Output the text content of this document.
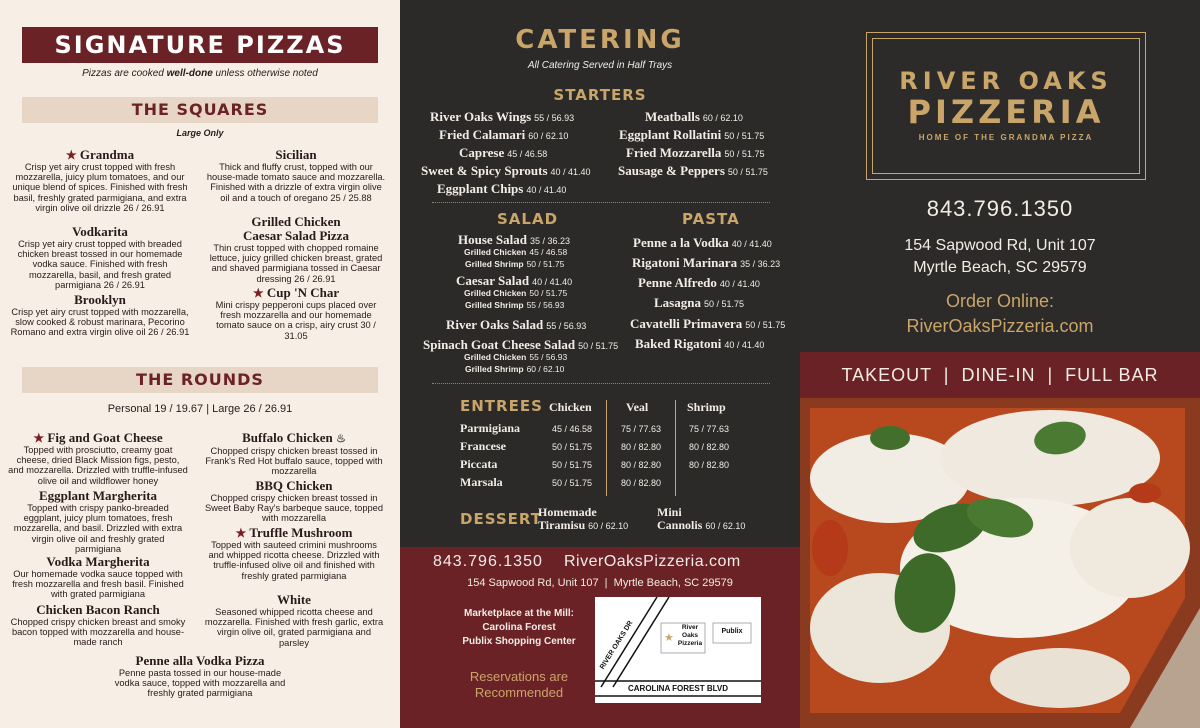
SIGNATURE PIZZAS
Pizzas are cooked well-done unless otherwise noted
THE SQUARES
Large Only
★ Grandma
Crisp yet airy crust topped with fresh mozzarella, juicy plum tomatoes, and our unique blend of spices. Finished with fresh basil, freshly grated parmigiana, and extra virgin olive oil drizzle 26 / 26.91
Sicilian
Thick and fluffy crust, topped with our house-made tomato sauce and mozzarella. Finished with a drizzle of extra virgin olive oil and a touch of oregano 25 / 25.88
Vodkarita
Crisp yet airy crust topped with breaded chicken breast tossed in our homemade vodka sauce. Finished with fresh mozzarella, basil, and fresh grated parmigiana 26 / 26.91
Grilled Chicken
Caesar Salad Pizza
Thin crust topped with chopped romaine lettuce, juicy grilled chicken breast, grated and shaved parmigiana tossed in Caesar dressing 26 / 26.91
Brooklyn
Crisp yet airy crust topped with mozzarella, slow cooked & robust marinara, Pecorino Romano and extra virgin olive oil 26 / 26.91
★ Cup 'N Char
Mini crispy pepperoni cups placed over fresh mozzarella and our homemade tomato sauce on a crisp, airy crust 30 / 31.05
THE ROUNDS
Personal 19 / 19.67 | Large 26 / 26.91
★ Fig and Goat Cheese
Topped with prosciutto, creamy goat cheese, dried Black Mission figs, pesto, and mozzarella. Drizzled with truffle-infused olive oil and wildflower honey
Buffalo Chicken ♨
Chopped crispy chicken breast tossed in Frank's Red Hot buffalo sauce, topped with mozzarella
Eggplant Margherita
Topped with crispy panko-breaded eggplant, juicy plum tomatoes, fresh mozzarella, and basil. Drizzled with extra virgin olive oil and freshly grated parmigiana
BBQ Chicken
Chopped crispy chicken breast tossed in Sweet Baby Ray's barbeque sauce, topped with mozzarella
★ Truffle Mushroom
Topped with sauteed crimini mushrooms and whipped ricotta cheese. Drizzled with truffle-infused olive oil and finished with freshly grated parmigiana
Vodka Margherita
Our homemade vodka sauce topped with fresh mozzarella and fresh basil. Finished with grated parmigiana	White
Seasoned whipped ricotta cheese and mozzarella. Finished with fresh garlic, extra virgin olive oil, grated parmigiana and parsley
Chicken Bacon Ranch
Chopped crispy chicken breast and smoky bacon topped with mozzarella and house-made ranch
Penne alla Vodka Pizza
Penne pasta tossed in our house-made vodka sauce, topped with mozzarella and freshly grated parmigiana
CATERING
All Catering Served in Half Trays
STARTERS
River Oaks Wings 55 / 56.93
Fried Calamari 60 / 62.10
Caprese 45 / 46.58
Sweet & Spicy Sprouts 40 / 41.40
Eggplant Chips 40 / 41.40
Meatballs 60 / 62.10
Eggplant Rollatini 50 / 51.75
Fried Mozzarella 50 / 51.75
Sausage & Peppers 50 / 51.75
SALAD	PASTA
House Salad 35 / 36.23
Grilled Chicken 45 / 46.58
Grilled Shrimp 50 / 51.75
Caesar Salad 40 / 41.40
Grilled Chicken 50 / 51.75
Grilled Shrimp 55 / 56.93
River Oaks Salad 55 / 56.93
Spinach Goat Cheese Salad 50 / 51.75
Grilled Chicken 55 / 56.93
Grilled Shrimp 60 / 62.10
Penne a la Vodka 40 / 41.40
Rigatoni Marinara 35 / 36.23
Penne Alfredo 40 / 41.40
Lasagna 50 / 51.75
Cavatelli Primavera 50 / 51.75
Baked Rigatoni 40 / 41.40
ENTREES Chicken	Veal	Shrimp
Parmigiana	45 / 46.58	75 / 77.63	75 / 77.63
Francese	50 / 51.75	80 / 82.80	80 / 82.80
Piccata	50 / 51.75	80 / 82.80	80 / 82.80
Marsala	50 / 51.75	80 / 82.80
DESSERT
Homemade
Tiramisu 60 / 62.10
Mini
Cannolis 60 / 62.10
843.796.1350 RiverOaksPizzeria.com
154 Sapwood Rd, Unit 107  |  Myrtle Beach, SC 29579
Marketplace at the Mill:
Carolina Forest
Publix Shopping Center
Reservations are
Recommended
RIVER OAKS DR
CAROLINA FOREST BLVD
★
River
Oaks
Pizzeria
Publix
RIVER OAKS
PIZZERIA
HOME OF THE GRANDMA PIZZA
843.796.1350
154 Sapwood Rd, Unit 107
Myrtle Beach, SC 29579
Order Online:
RiverOaksPizzeria.com
TAKEOUT  |  DINE-IN  |  FULL BAR
